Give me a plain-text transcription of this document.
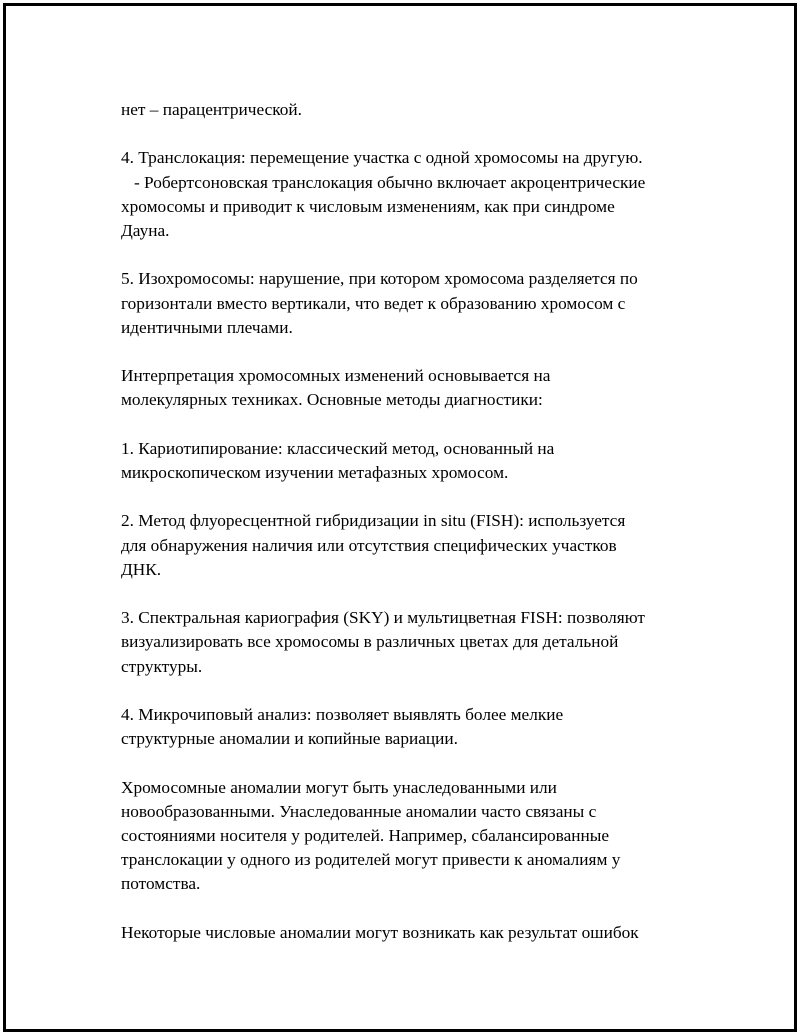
нет – парацентрической.

4. Транслокация: перемещение участка с одной хромосомы на другую.
- Робертсоновская транслокация обычно включает акроцентрические
хромосомы и приводит к числовым изменениям, как при синдроме
Дауна.

5. Изохромосомы: нарушение, при котором хромосома разделяется по
горизонтали вместо вертикали, что ведет к образованию хромосом с
идентичными плечами.

Интерпретация хромосомных изменений основывается на
молекулярных техниках. Основные методы диагностики:

1. Кариотипирование: классический метод, основанный на
микроскопическом изучении метафазных хромосом.

2. Метод флуоресцентной гибридизации in situ (FISH): используется
для обнаружения наличия или отсутствия специфических участков
ДНК.

3. Спектральная кариография (SKY) и мультицветная FISH: позволяют
визуализировать все хромосомы в различных цветах для детальной
структуры.

4. Микрочиповый анализ: позволяет выявлять более мелкие
структурные аномалии и копийные вариации.

Хромосомные аномалии могут быть унаследованными или
новообразованными. Унаследованные аномалии часто связаны с
состояниями носителя у родителей. Например, сбалансированные
транслокации у одного из родителей могут привести к аномалиям у
потомства.

Некоторые числовые аномалии могут возникать как результат ошибок
